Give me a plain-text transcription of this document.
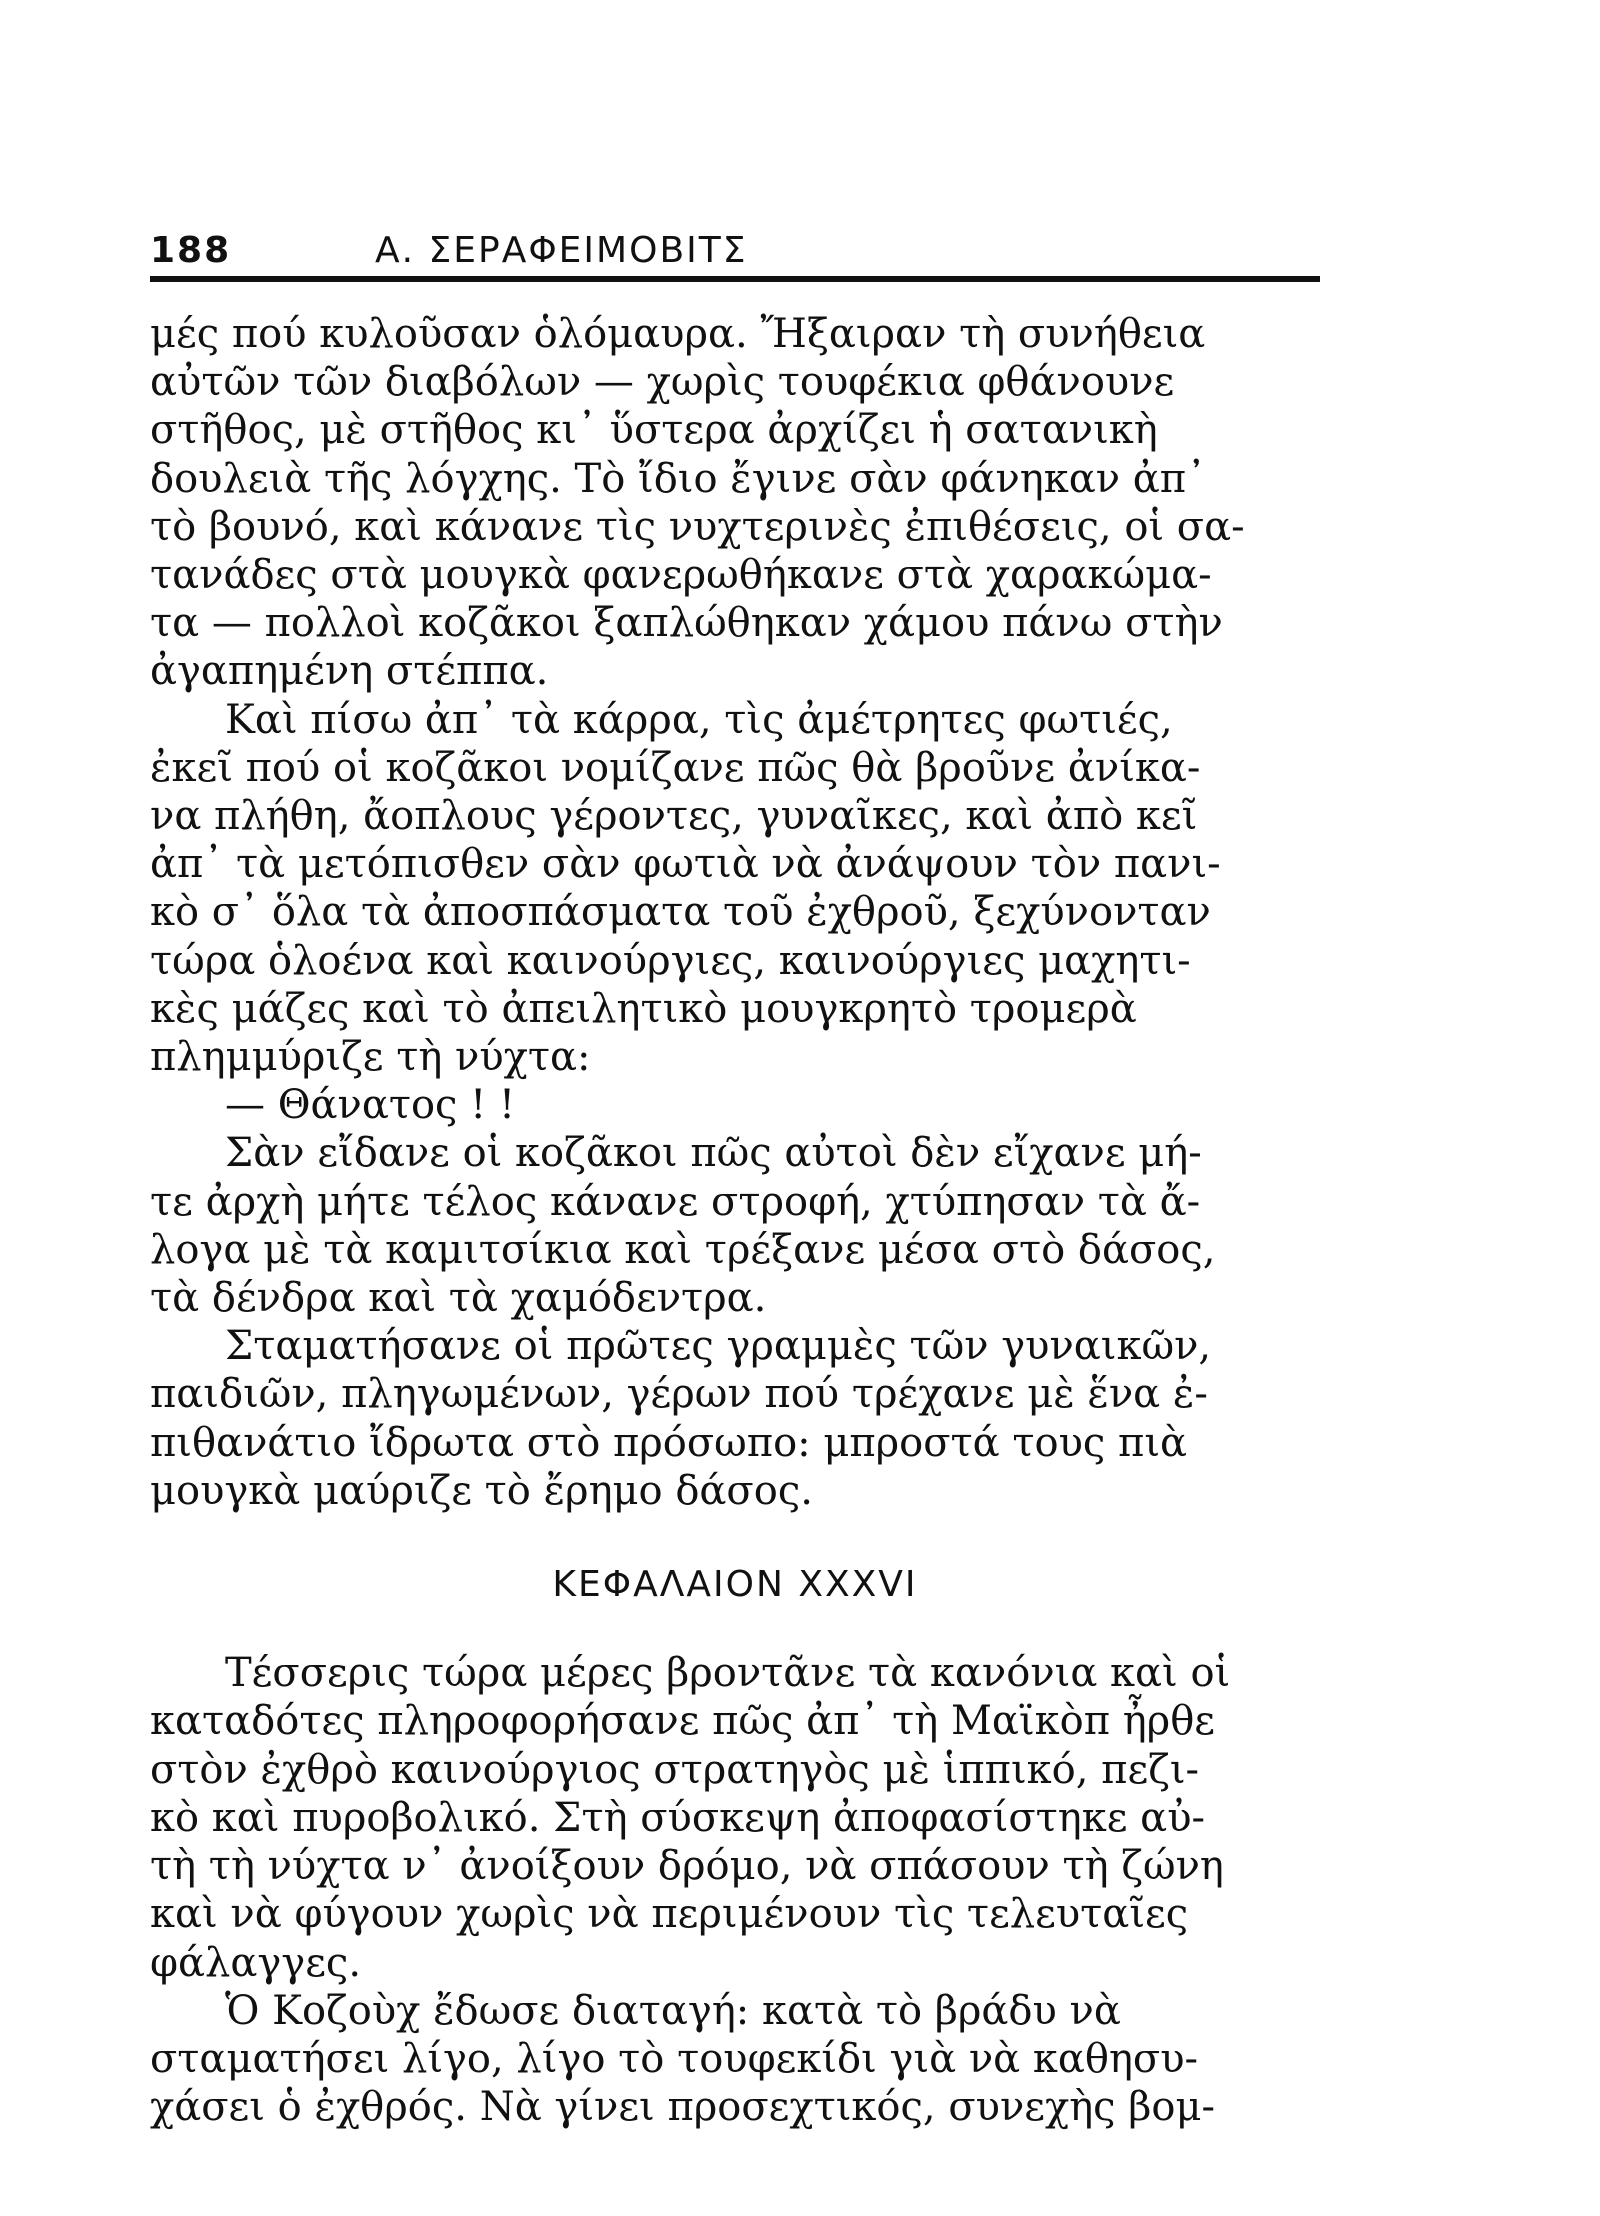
188	Α. ΣΕΡΑΦΕΙΜΟΒΙΤΣ
μές πού κυλοῦσαν ὁλόμαυρα. Ἤξαιραν τὴ συνήθεια
αὐτῶν τῶν διαβόλων — χωρὶς τουφέκια φθάνουνε
στῆθος, μὲ στῆθος κι᾽ ὕστερα ἀρχίζει ἡ σατανικὴ
δουλειὰ τῆς λόγχης. Τὸ ἴδιο ἔγινε σὰν φάνηκαν ἀπ᾽
τὸ βουνό, καὶ κάνανε τὶς νυχτερινὲς ἐπιθέσεις, οἱ σα-
τανάδες στὰ μουγκὰ φανερωθήκανε στὰ χαρακώμα-
τα — πολλοὶ κοζᾶκοι ξαπλώθηκαν χάμου πάνω στὴν
ἀγαπημένη στέππα.
Καὶ πίσω ἀπ᾽ τὰ κάρρα, τὶς ἀμέτρητες φωτιές,
ἐκεῖ πού οἱ κοζᾶκοι νομίζανε πῶς θὰ βροῦνε ἀνίκα-
να πλήθη, ἄοπλους γέροντες, γυναῖκες, καὶ ἀπὸ κεῖ
ἀπ᾽ τὰ μετόπισθεν σὰν φωτιὰ νὰ ἀνάψουν τὸν πανι-
κὸ σ᾽ ὅλα τὰ ἀποσπάσματα τοῦ ἐχθροῦ, ξεχύνονταν
τώρα ὁλοένα καὶ καινούργιες, καινούργιες μαχητι-
κὲς μάζες καὶ τὸ ἀπειλητικὸ μουγκρητὸ τρομερὰ
πλημμύριζε τὴ νύχτα:
— Θάνατος ! !
Σὰν εἴδανε οἱ κοζᾶκοι πῶς αὐτοὶ δὲν εἴχανε μή-
τε ἀρχὴ μήτε τέλος κάνανε στροφή, χτύπησαν τὰ ἄ-
λογα μὲ τὰ καμιτσίκια καὶ τρέξανε μέσα στὸ δάσος,
τὰ δένδρα καὶ τὰ χαμόδεντρα.
Σταματήσανε οἱ πρῶτες γραμμὲς τῶν γυναικῶν,
παιδιῶν, πληγωμένων, γέρων πού τρέχανε μὲ ἕνα ἐ-
πιθανάτιο ἴδρωτα στὸ πρόσωπο: μπροστά τους πιὰ
μουγκὰ μαύριζε τὸ ἔρημο δάσος.
ΚΕΦΑΛΑΙΟΝ XXXVI
Τέσσερις τώρα μέρες βροντᾶνε τὰ κανόνια καὶ οἱ
καταδότες πληροφορήσανε πῶς ἀπ᾽ τὴ Μαϊκὸπ ἦρθε
στὸν ἐχθρὸ καινούργιος στρατηγὸς μὲ ἱππικό, πεζι-
κὸ καὶ πυροβολικό. Στὴ σύσκεψη ἀποφασίστηκε αὐ-
τὴ τὴ νύχτα ν᾽ ἀνοίξουν δρόμο, νὰ σπάσουν τὴ ζώνη
καὶ νὰ φύγουν χωρὶς νὰ περιμένουν τὶς τελευταῖες
φάλαγγες.
Ὁ Κοζοὺχ ἔδωσε διαταγή: κατὰ τὸ βράδυ νὰ
σταματήσει λίγο, λίγο τὸ τουφεκίδι γιὰ νὰ καθησυ-
χάσει ὁ ἐχθρός. Νὰ γίνει προσεχτικός, συνεχὴς βομ-
